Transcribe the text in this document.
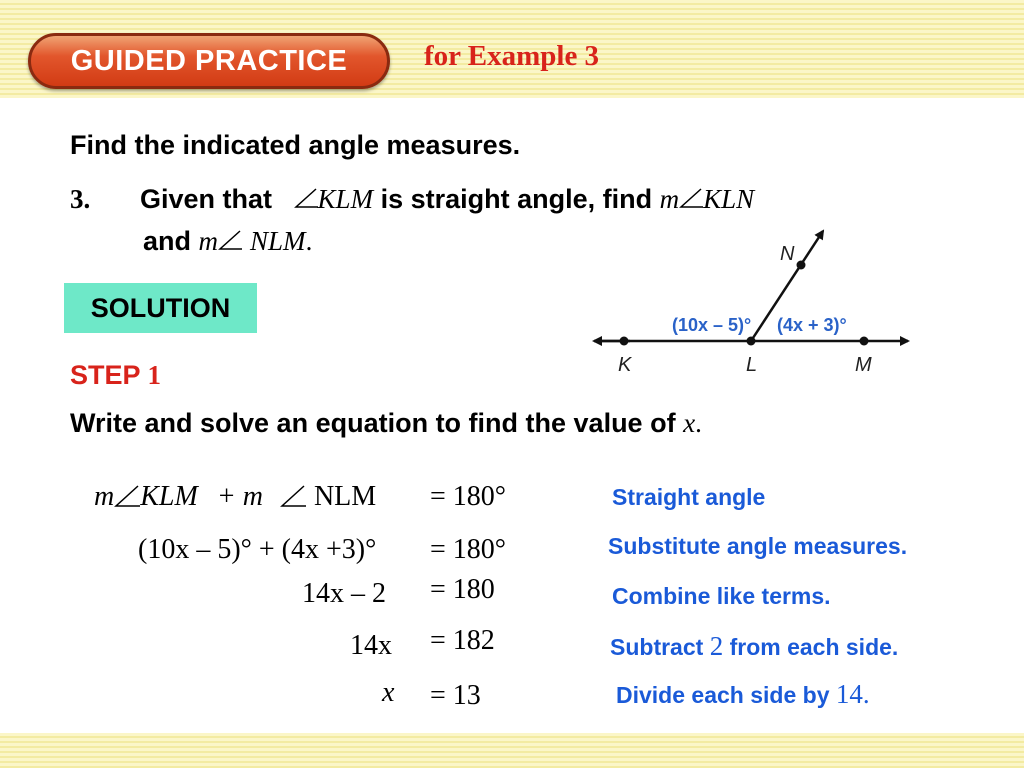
GUIDED PRACTICE	for Example 3
Find the indicated angle measures.
3. Given that KLM is straight angle, find m KLN
and m NLM.
SOLUTION
STEP 1
Write and solve an equation to find the value of x.
K	L	M
N
(10x – 5)° (4x + 3)°
m KLM + m NLM = 180°	Straight angle
(10x – 5)° + (4x +3)° = 180°	Substitute angle measures.
14x – 2 = 180	Combine like terms.
14x = 182	Subtract 2 from each side.
x = 13	Divide each side by 14.
